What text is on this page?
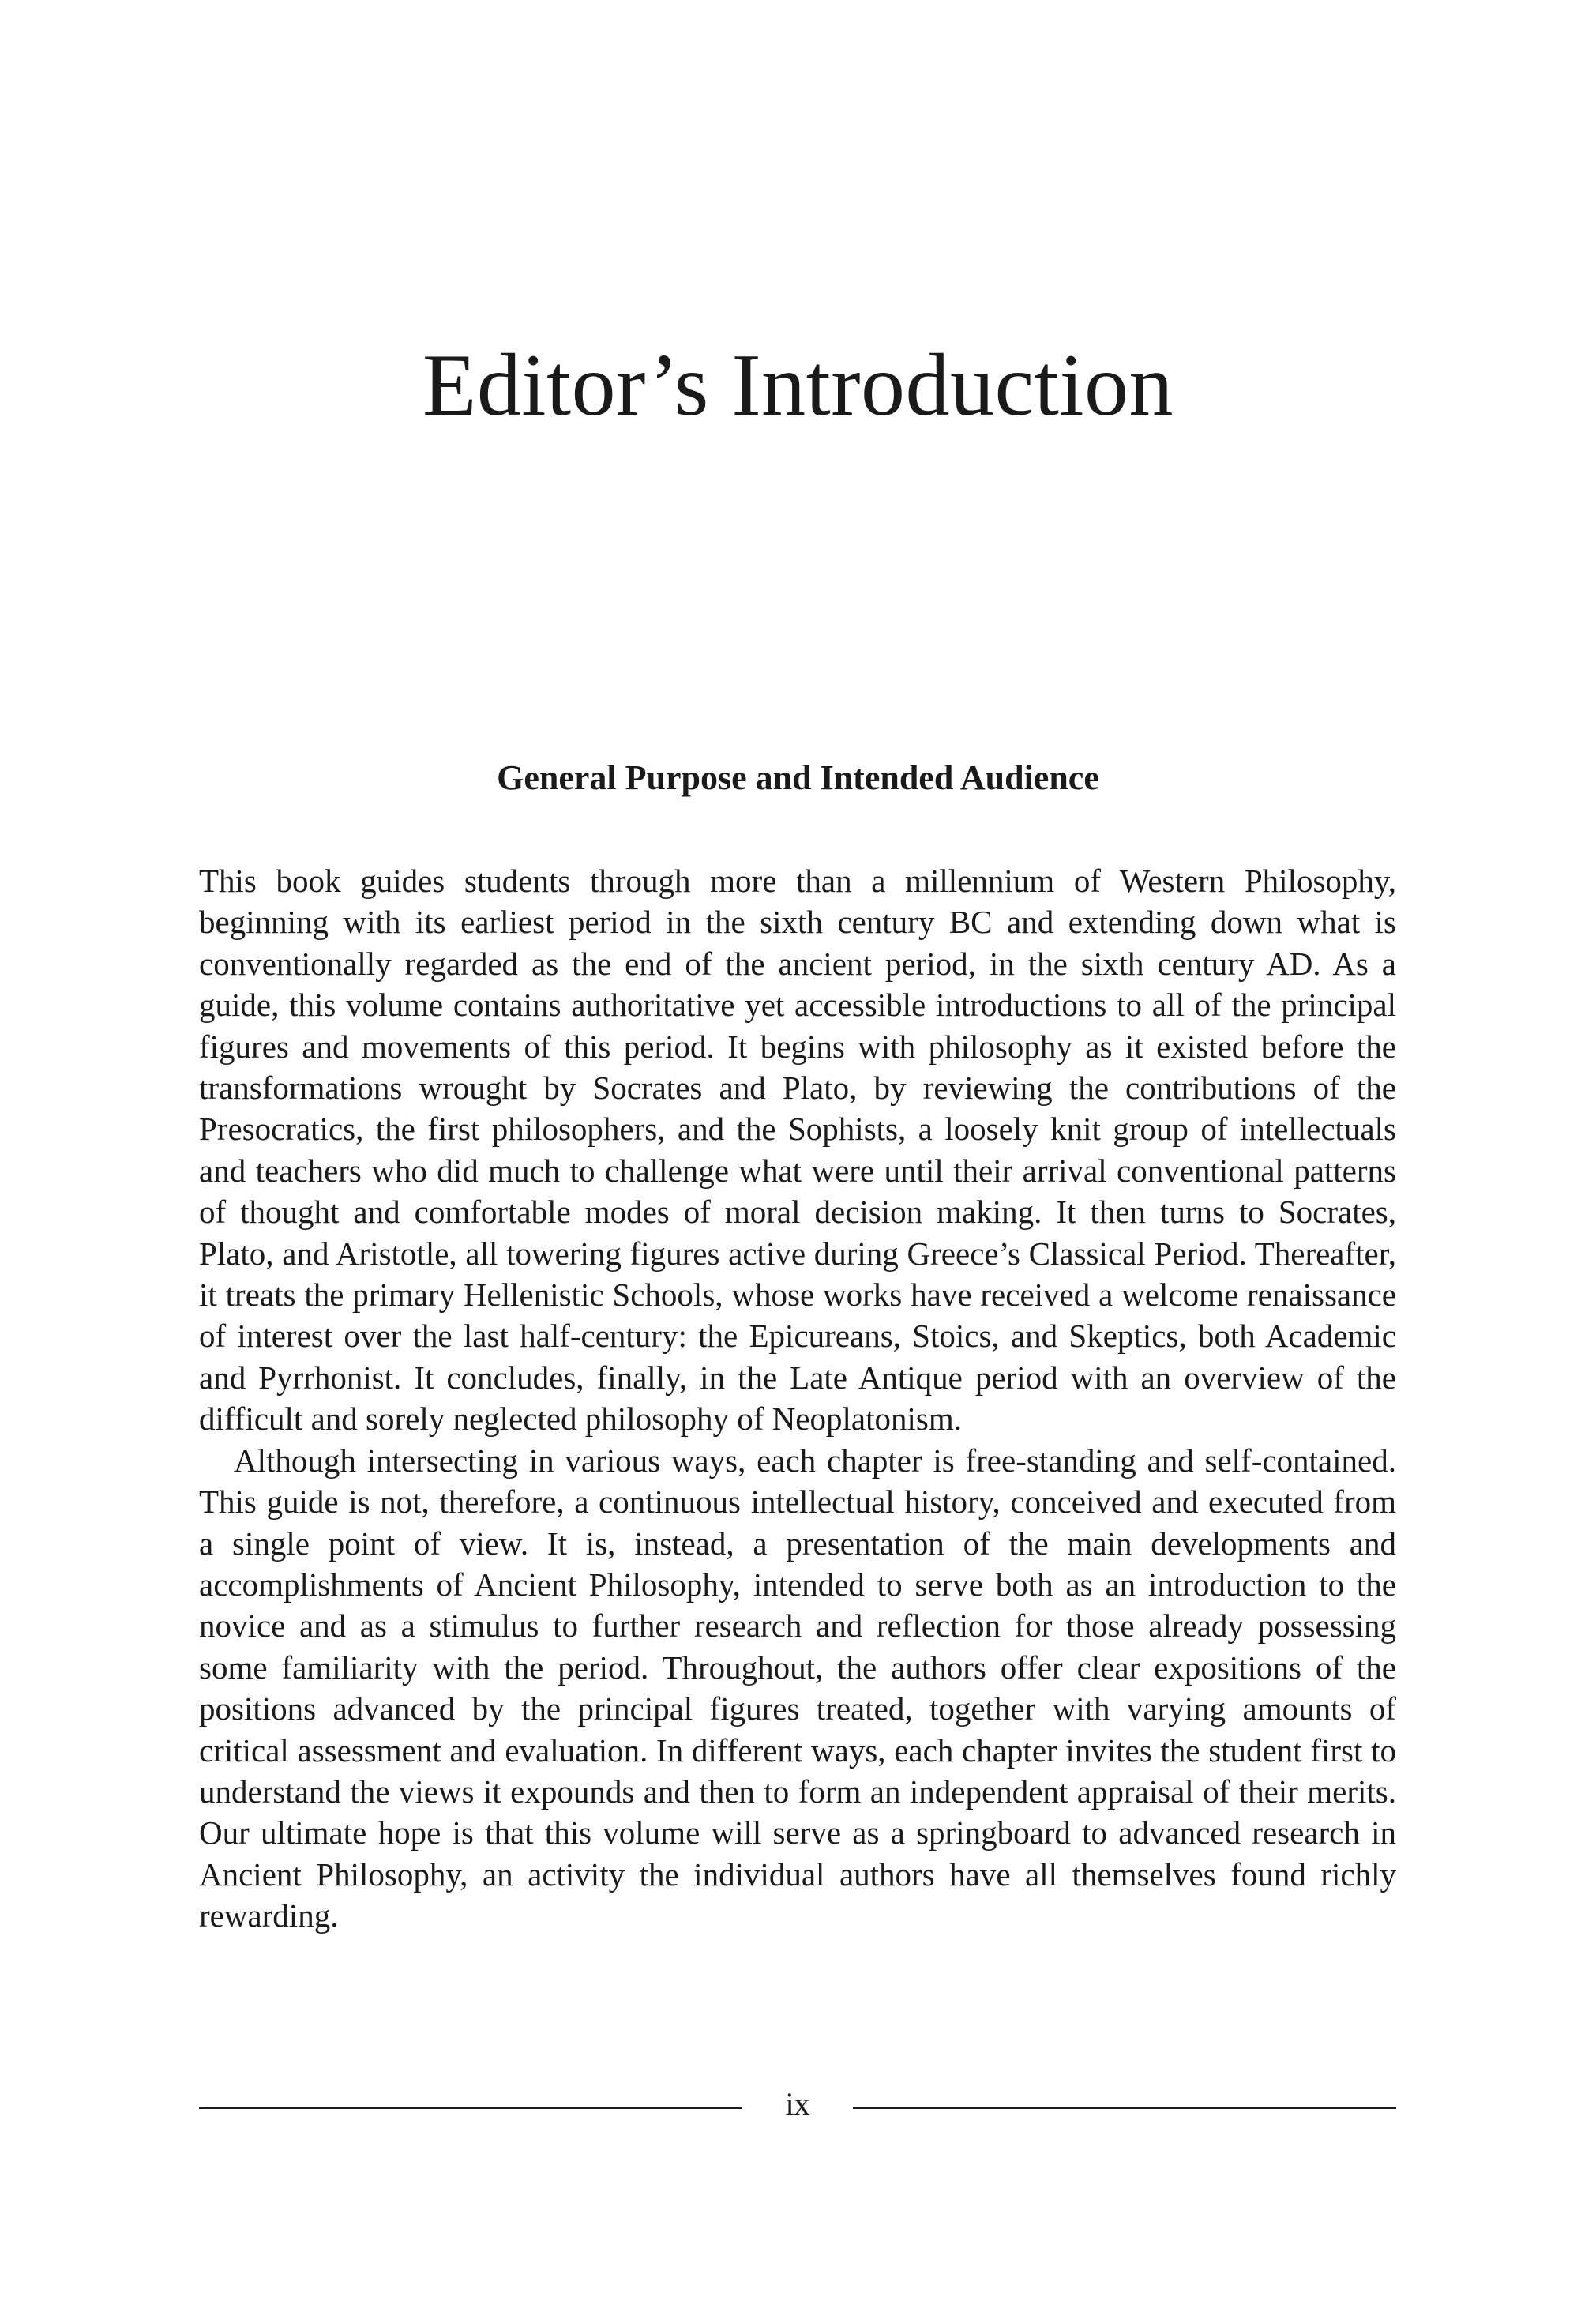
Editor’s Introduction
General Purpose and Intended Audience

This book guides students through more than a millennium of Western Philosophy, beginning with its earliest period in the sixth century BC and extending down what is conventionally regarded as the end of the ancient period, in the sixth century AD. As a guide, this volume contains authoritative yet accessible introductions to all of the principal figures and movements of this period. It begins with philosophy as it existed before the transformations wrought by Socrates and Plato, by reviewing the contributions of the Presocratics, the first philosophers, and the Sophists, a loosely knit group of intellectuals and teachers who did much to challenge what were until their arrival conventional patterns of thought and comfortable modes of moral decision making. It then turns to Socrates, Plato, and Aristotle, all towering figures active during Greece’s Classical Period. Thereafter, it treats the primary Hellenistic Schools, whose works have received a welcome renaissance of interest over the last half-century: the Epicureans, Stoics, and Skeptics, both Academic and Pyrrhonist. It concludes, finally, in the Late Antique period with an overview of the difficult and sorely neglected philosophy of Neoplatonism.

Although intersecting in various ways, each chapter is free-standing and self-contained. This guide is not, therefore, a continuous intellectual history, conceived and executed from a single point of view. It is, instead, a presentation of the main developments and accomplishments of Ancient Philosophy, intended to serve both as an introduction to the novice and as a stimulus to further research and reflection for those already possessing some familiarity with the period. Throughout, the authors offer clear expositions of the positions advanced by the principal figures treated, together with varying amounts of critical assessment and evaluation. In different ways, each chapter invites the student first to understand the views it expounds and then to form an independent appraisal of their merits. Our ultimate hope is that this volume will serve as a springboard to advanced research in Ancient Philosophy, an activity the individual authors have all themselves found richly rewarding.

ix
